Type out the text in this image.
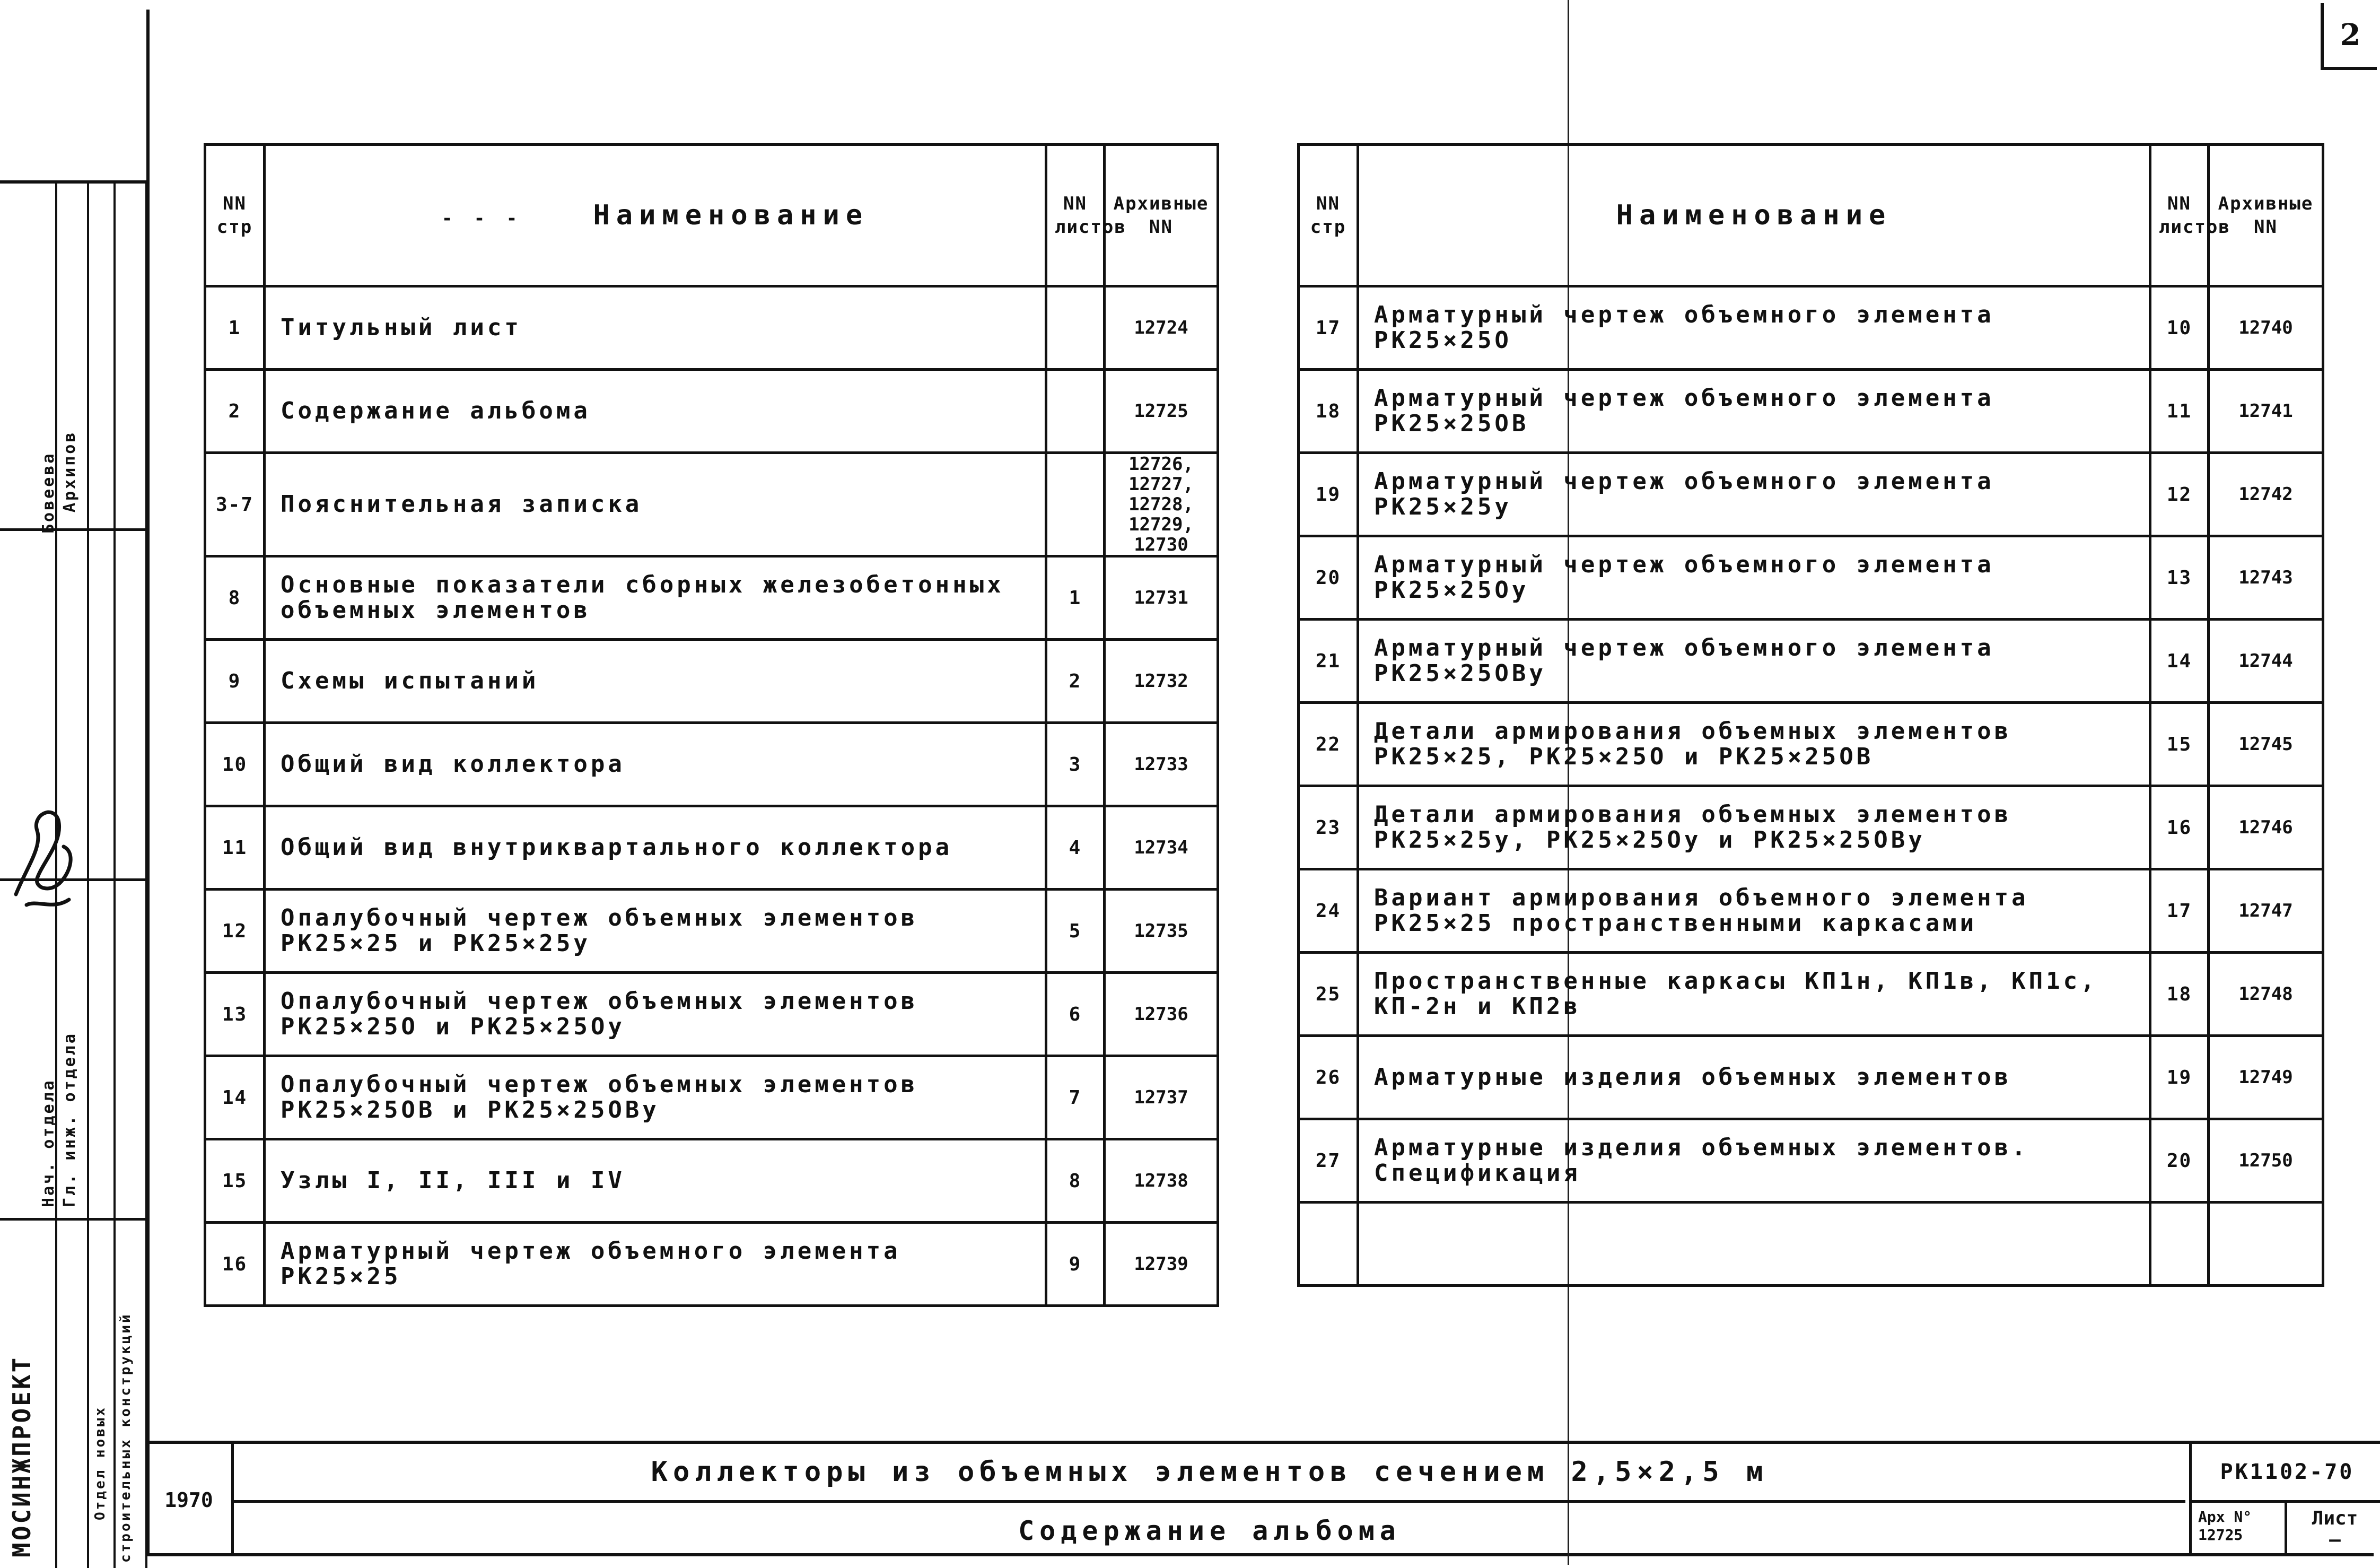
2
Бовеева Архипов
Нач. отдела Гл. инж. отдела
МОСИНЖПРОЕКТ	Отдел новых строительных конструкций
NN стр	- - - Наименование	NN листов	Архивные NN
1	Титульный лист		12724
2	Содержание альбома		12725
3-7	Пояснительная записка		12726, 12727, 12728, 12729, 12730
8	Основные показатели сборных железобетонных объемных элементов	1	12731
9	Схемы испытаний	2	12732
10	Общий вид коллектора	3	12733
11	Общий вид внутриквартального коллектора	4	12734
12	Опалубочный чертеж объемных элементов РК25×25 и РК25×25у	5	12735
13	Опалубочный чертеж объемных элементов РК25×25О и РК25×25Оу	6	12736
14	Опалубочный чертеж объемных элементов РК25×25ОВ и РК25×25ОВу	7	12737
15	Узлы I, II, III и IV	8	12738
16	Арматурный чертеж объемного элемента РК25×25	9	12739
NN стр	Наименование	NN листов	Архивные NN
17	Арматурный чертеж объемного элемента РК25×25О	10	12740
18	Арматурный чертеж объемного элемента РК25×25ОВ	11	12741
19	Арматурный чертеж объемного элемента РК25×25у	12	12742
20	Арматурный чертеж объемного элемента РК25×25Оу	13	12743
21	Арматурный чертеж объемного элемента РК25×25ОВу	14	12744
22	Детали армирования объемных элементов РК25×25, РК25×25О и РК25×25ОВ	15	12745
23	Детали армирования объемных элементов РК25×25у, РК25×25Оу и РК25×25ОВу	16	12746
24	Вариант армирования объемного элемента РК25×25 пространственными каркасами	17	12747
25	Пространственные каркасы КП1н, КП1в, КП1с, КП-2н и КП2в	18	12748
26	Арматурные изделия объемных элементов	19	12749
27	Арматурные изделия объемных элементов. Спецификация	20	12750

1970
Коллекторы из объемных элементов сечением 2,5×2,5 м
Содержание альбома
РК1102-70
Арх N°
12725
Лист
—
